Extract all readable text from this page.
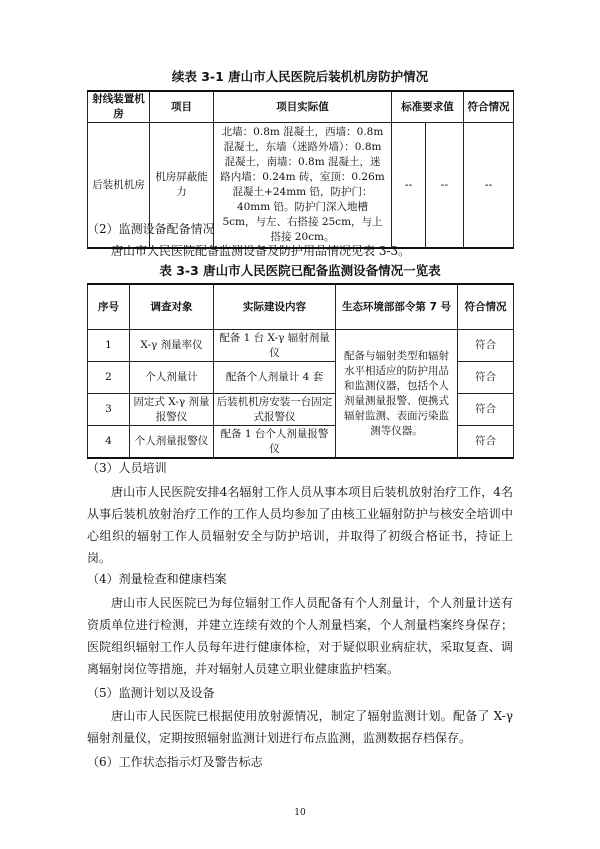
续表 3-1 唐山市人民医院后装机机房防护情况
射线装置机房	项目	项目实际值	标准要求值		符合情况
后装机机房	机房屏蔽能力	北墙：0.8m 混凝土，西墙：0.8m 混凝土，东墙（迷路外墙）：0.8m 混凝土，南墙：0.8m 混凝土，迷路内墙：0.24m 砖，室顶：0.26m 混凝土+24mm 铅，防护门：40mm 铅。防护门深入地槽 5cm，与左、右搭接 25cm，与上搭接 20cm。	--	--	--
（2）监测设备配备情况
唐山市人民医院配备监测设备及防护用品情况见表 3-3。
表 3-3 唐山市人民医院已配备监测设备情况一览表
序号	调查对象	实际建设内容	生态环境部部令第 7 号	符合情况
1	X-γ 剂量率仪	配备 1 台 X-γ 辐射剂量仪	配备与辐射类型和辐射水平相适应的防护用品和监测仪器，包括个人剂量测量报警、便携式辐射监测、表面污染监测等仪器。	符合
2	个人剂量计	配备个人剂量计 4 套		符合
3	固定式 X-γ 剂量报警仪	后装机机房安装一台固定式报警仪		符合
4	个人剂量报警仪	配备 1 台个人剂量报警仪		符合
（3）人员培训
唐山市人民医院安排4名辐射工作人员从事本项目后装机放射治疗工作，4名从事后装机放射治疗工作的工作人员均参加了由核工业辐射防护与核安全培训中心组织的辐射工作人员辐射安全与防护培训，并取得了初级合格证书，持证上岗。
（4）剂量检查和健康档案
唐山市人民医院已为每位辐射工作人员配备有个人剂量计，个人剂量计送有资质单位进行检测，并建立连续有效的个人剂量档案，个人剂量档案终身保存；医院组织辐射工作人员每年进行健康体检，对于疑似职业病症状，采取复查、调离辐射岗位等措施，并对辐射人员建立职业健康监护档案。
（5）监测计划以及设备
唐山市人民医院已根据使用放射源情况，制定了辐射监测计划。配备了 X-γ 辐射剂量仪，定期按照辐射监测计划进行布点监测，监测数据存档保存。
（6）工作状态指示灯及警告标志
10
